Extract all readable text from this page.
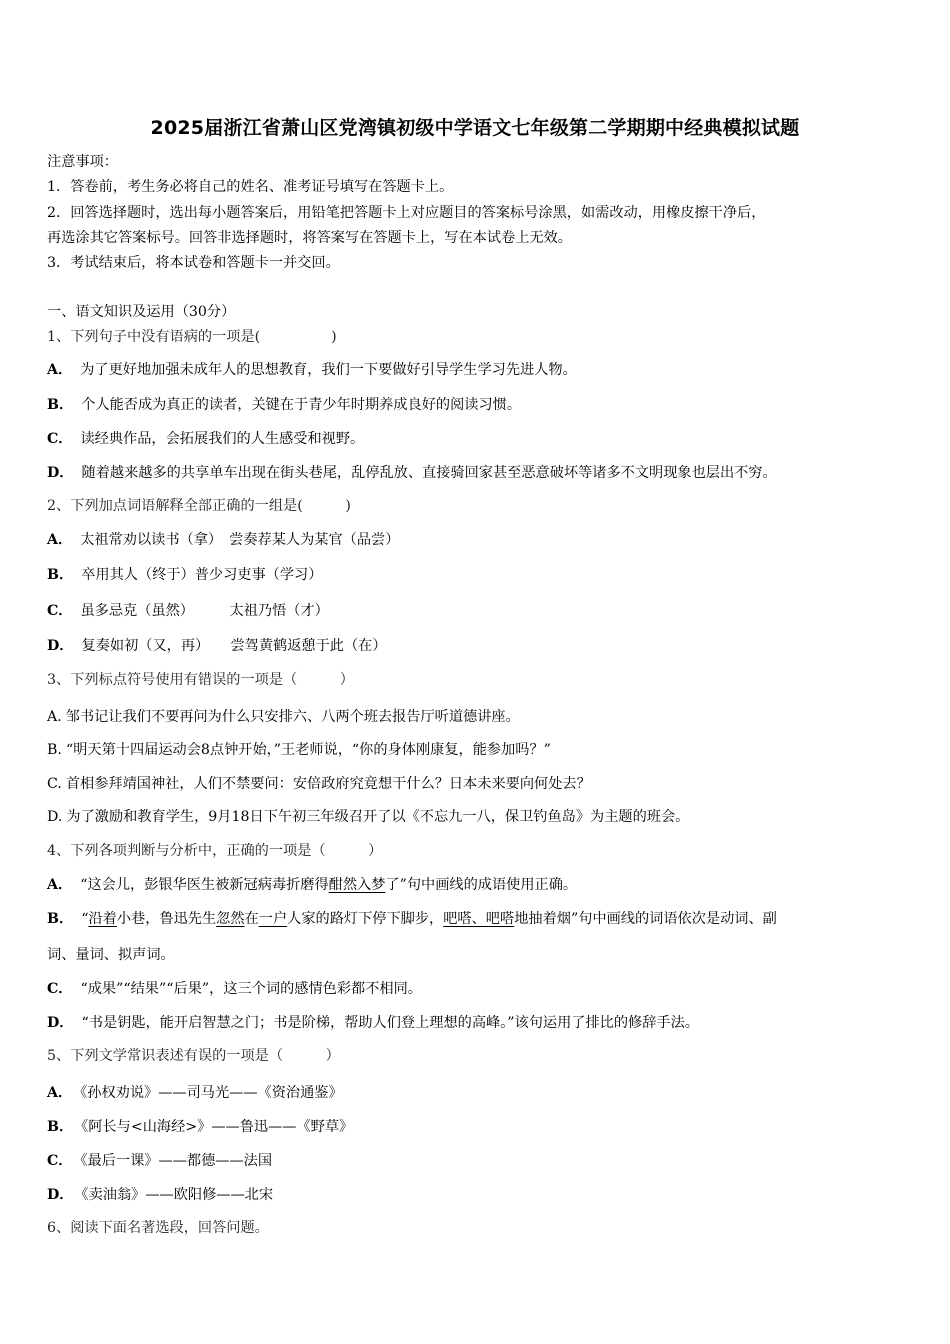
2025届浙江省萧山区党湾镇初级中学语文七年级第二学期期中经典模拟试题
注意事项：
1．答卷前，考生务必将自己的姓名、准考证号填写在答题卡上。
2．回答选择题时，选出每小题答案后，用铅笔把答题卡上对应题目的答案标号涂黑，如需改动，用橡皮擦干净后，
再选涂其它答案标号。回答非选择题时，将答案写在答题卡上，写在本试卷上无效。
3．考试结束后，将本试卷和答题卡一并交回。
一、语文知识及运用（30分）
1、下列句子中没有语病的一项是(　　　　　)
A． 为了更好地加强未成年人的思想教育，我们一下要做好引导学生学习先进人物。
B． 个人能否成为真正的读者，关键在于青少年时期养成良好的阅读习惯。
C． 读经典作品，会拓展我们的人生感受和视野。
D． 随着越来越多的共享单车出现在街头巷尾，乱停乱放、直接骑回家甚至恶意破坏等诸多不文明现象也层出不穷。
2、下列加点词语解释全部正确的一组是(　　　)
A． 太祖常劝以读书（拿）　尝奏荐某人为某官（品尝）
B． 卒用其人（终于）普少习吏事（学习）
C． 虽多忌克（虽然）　　　太祖乃悟（才）
D． 复奏如初（又，再）　　尝驾黄鹤返憩于此（在）
3、下列标点符号使用有错误的一项是（　　　）
A. 邹书记让我们不要再问为什么只安排六、八两个班去报告厅听道德讲座。
B. “明天第十四届运动会8点钟开始，”王老师说，“你的身体刚康复，能参加吗？”
C. 首相参拜靖国神社，人们不禁要问：安倍政府究竟想干什么？日本未来要向何处去？
D. 为了激励和教育学生，9月18日下午初三年级召开了以《不忘九一八，保卫钓鱼岛》为主题的班会。
4、下列各项判断与分析中，正确的一项是（　　　）
A． “这会儿，彭银华医生被新冠病毒折磨得酣然入梦了”句中画线的成语使用正确。
B． “沿着小巷，鲁迅先生忽然在一户人家的路灯下停下脚步，吧嗒、吧嗒地抽着烟”句中画线的词语依次是动词、副
词、量词、拟声词。
C． “成果”“结果”“后果”，这三个词的感情色彩都不相同。
D． “书是钥匙，能开启智慧之门；书是阶梯，帮助人们登上理想的高峰。”该句运用了排比的修辞手法。
5、下列文学常识表述有误的一项是（　　　）
A． 《孙权劝说》——司马光——《资治通鉴》
B． 《阿长与<山海经>》——鲁迅——《野草》
C． 《最后一课》——都德——法国
D． 《卖油翁》——欧阳修——北宋
6、阅读下面名著选段，回答问题。
